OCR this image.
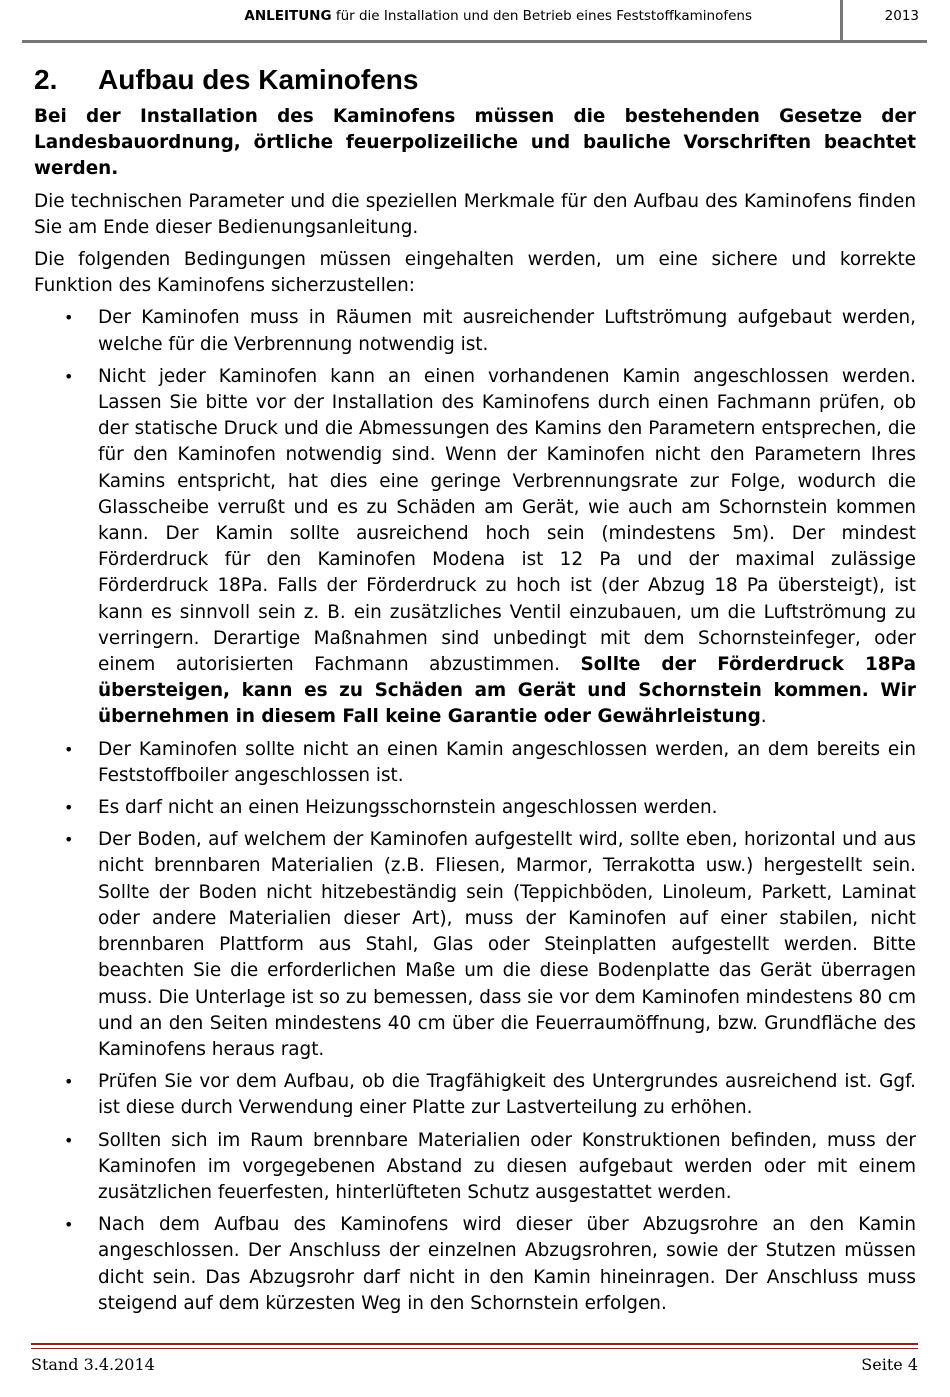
ANLEITUNG für die Installation und den Betrieb eines Feststoffkaminofens	2013
2.	Aufbau des Kaminofens

Bei der Installation des Kaminofens müssen die bestehenden Gesetze der Landesbauordnung, örtliche feuerpolizeiliche und bauliche Vorschriften beachtet werden.

Die technischen Parameter und die speziellen Merkmale für den Aufbau des Kaminofens finden Sie am Ende dieser Bedienungsanleitung.

Die folgenden Bedingungen müssen eingehalten werden, um eine sichere und korrekte Funktion des Kaminofens sicherzustellen:

• Der Kaminofen muss in Räumen mit ausreichender Luftströmung aufgebaut werden, welche für die Verbrennung notwendig ist.
• Nicht jeder Kaminofen kann an einen vorhandenen Kamin angeschlossen werden. Lassen Sie bitte vor der Installation des Kaminofens durch einen Fachmann prüfen, ob der statische Druck und die Abmessungen des Kamins den Parametern entsprechen, die für den Kaminofen notwendig sind. Wenn der Kaminofen nicht den Parametern Ihres Kamins entspricht, hat dies eine geringe Verbrennungsrate zur Folge, wodurch die Glasscheibe verrußt und es zu Schäden am Gerät, wie auch am Schornstein kommen kann. Der Kamin sollte ausreichend hoch sein (mindestens 5m). Der mindest Förderdruck für den Kaminofen Modena ist 12 Pa und der maximal zulässige Förderdruck 18Pa. Falls der Förderdruck zu hoch ist (der Abzug 18 Pa übersteigt), ist kann es sinnvoll sein z. B. ein zusätzliches Ventil einzubauen, um die Luftströmung zu verringern. Derartige Maßnahmen sind unbedingt mit dem Schornsteinfeger, oder einem autorisierten Fachmann abzustimmen. Sollte der Förderdruck 18Pa übersteigen, kann es zu Schäden am Gerät und Schornstein kommen. Wir übernehmen in diesem Fall keine Garantie oder Gewährleistung.
• Der Kaminofen sollte nicht an einen Kamin angeschlossen werden, an dem bereits ein Feststoffboiler angeschlossen ist.
• Es darf nicht an einen Heizungsschornstein angeschlossen werden.
• Der Boden, auf welchem der Kaminofen aufgestellt wird, sollte eben, horizontal und aus nicht brennbaren Materialien (z.B. Fliesen, Marmor, Terrakotta usw.) hergestellt sein. Sollte der Boden nicht hitzebeständig sein (Teppichböden, Linoleum, Parkett, Laminat oder andere Materialien dieser Art), muss der Kaminofen auf einer stabilen, nicht brennbaren Plattform aus Stahl, Glas oder Steinplatten aufgestellt werden. Bitte beachten Sie die erforderlichen Maße um die diese Bodenplatte das Gerät überragen muss. Die Unterlage ist so zu bemessen, dass sie vor dem Kaminofen mindestens 80 cm und an den Seiten mindestens 40 cm über die Feuerraumöffnung, bzw. Grundfläche des Kaminofens heraus ragt.
• Prüfen Sie vor dem Aufbau, ob die Tragfähigkeit des Untergrundes ausreichend ist. Ggf. ist diese durch Verwendung einer Platte zur Lastverteilung zu erhöhen.
• Sollten sich im Raum brennbare Materialien oder Konstruktionen befinden, muss der Kaminofen im vorgegebenen Abstand zu diesen aufgebaut werden oder mit einem zusätzlichen feuerfesten, hinterlüfteten Schutz ausgestattet werden.
• Nach dem Aufbau des Kaminofens wird dieser über Abzugsrohre an den Kamin angeschlossen. Der Anschluss der einzelnen Abzugsrohren, sowie der Stutzen müssen dicht sein. Das Abzugsrohr darf nicht in den Kamin hineinragen. Der Anschluss muss steigend auf dem kürzesten Weg in den Schornstein erfolgen.
Stand 3.4.2014	Seite 4
